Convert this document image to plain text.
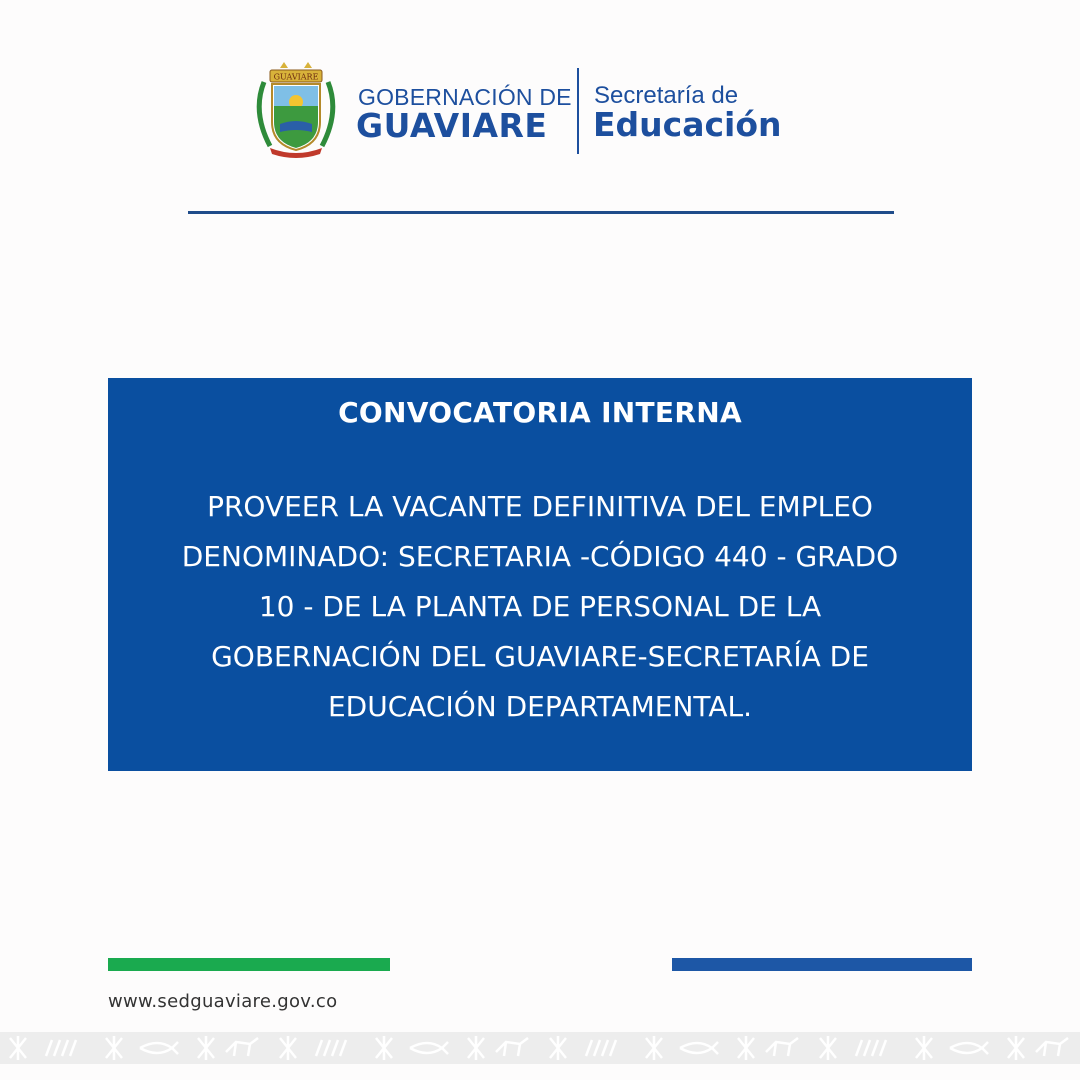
GUAVIARE
GOBERNACIÓN DE
GUAVIARE
Secretaría de
Educación
CONVOCATORIA INTERNA
PROVEER LA VACANTE DEFINITIVA DEL EMPLEO
DENOMINADO: SECRETARIA -CÓDIGO 440 - GRADO
10 - DE LA PLANTA DE PERSONAL DE LA
GOBERNACIÓN DEL GUAVIARE-SECRETARÍA DE
EDUCACIÓN DEPARTAMENTAL.
www.sedguaviare.gov.co
